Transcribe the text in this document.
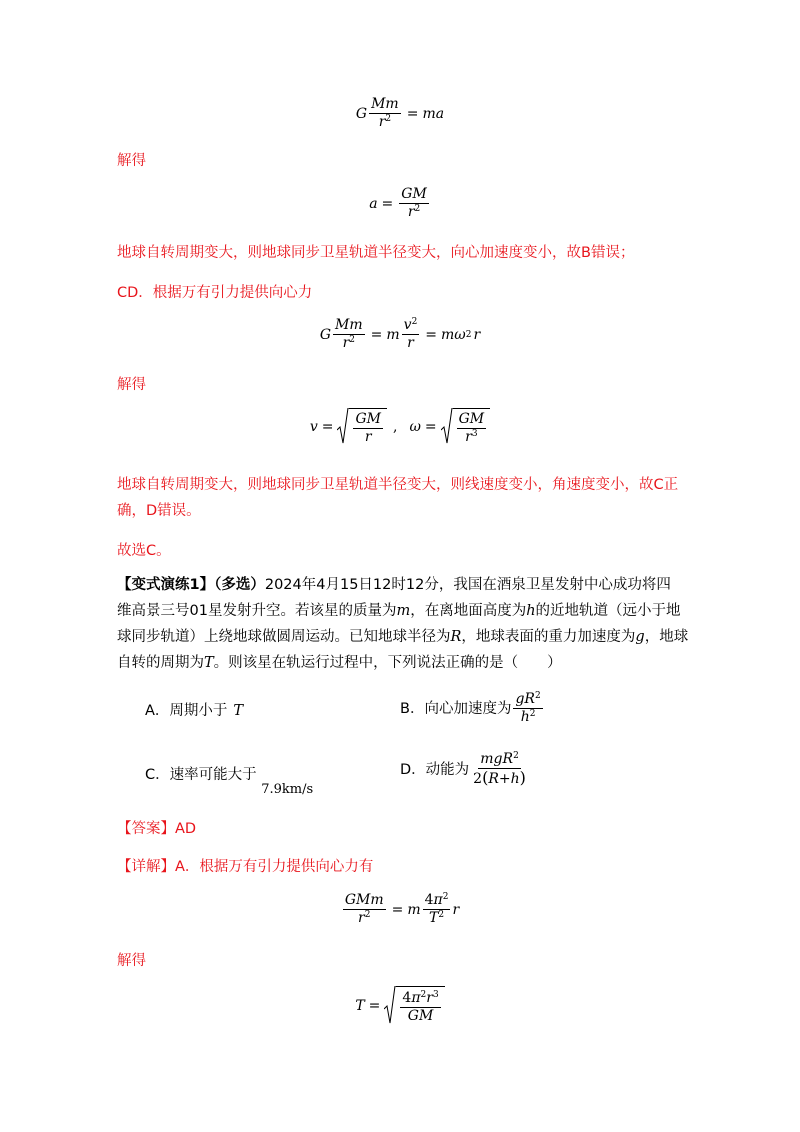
G $\frac{Mm}{r^2}$ = ma
解得
$a = \frac{GM}{r^2}$
地球自转周期变大，则地球同步卫星轨道半径变大，向心加速度变小，故B错误；
CD．根据万有引力提供向心力
G $\frac{Mm}{r^2} = m \frac{v^2}{r} = m\omega$ 2 r
解得
$v = \frac{GM}{r}$ , $\omega = \frac{GM}{r^3}$
地球自转周期变大，则地球同步卫星轨道半径变大，则线速度变小，角速度变小，故C正
确，D错误。
故选C。
【变式演练1】（多选）2024年4月15日12时12分，我国在酒泉卫星发射中心成功将四
维高景三号01星发射升空。若该星的质量为m，在离地面高度为h的近地轨道（远小于地
球同步轨道）上绕地球做圆周运动。已知地球半径为R，地球表面的重力加速度为g，地球
自转的周期为T。则该星在轨运行过程中，下列说法正确的是（　　）
A．周期小于 T	B．向心加速度为 $\frac{gR^2}{h^2}$
C．速率可能大于 7.9km/s
D．动能为 $\frac{mgR^2}{2(R+h)}$
【答案】AD
【详解】A．根据万有引力提供向心力有
$\frac{\text{GMm}}{r^2} = m \frac{4\pi^2}{T^2}$ r
解得
$T = \frac{4\pi^2r^3}{GM}$
